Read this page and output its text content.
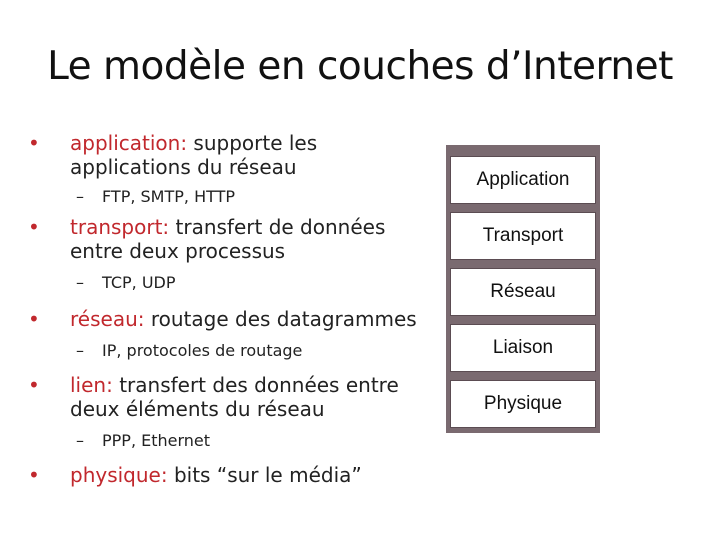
Le modèle en couches d’Internet
• application: supporte les applications du réseau
– FTP, SMTP, HTTP
• transport: transfert de données entre deux processus
– TCP, UDP
• réseau: routage des datagrammes
– IP, protocoles de routage
• lien: transfert des données entre deux éléments du réseau
– PPP, Ethernet
• physique: bits “sur le média”
Application
Transport
Réseau
Liaison
Physique
